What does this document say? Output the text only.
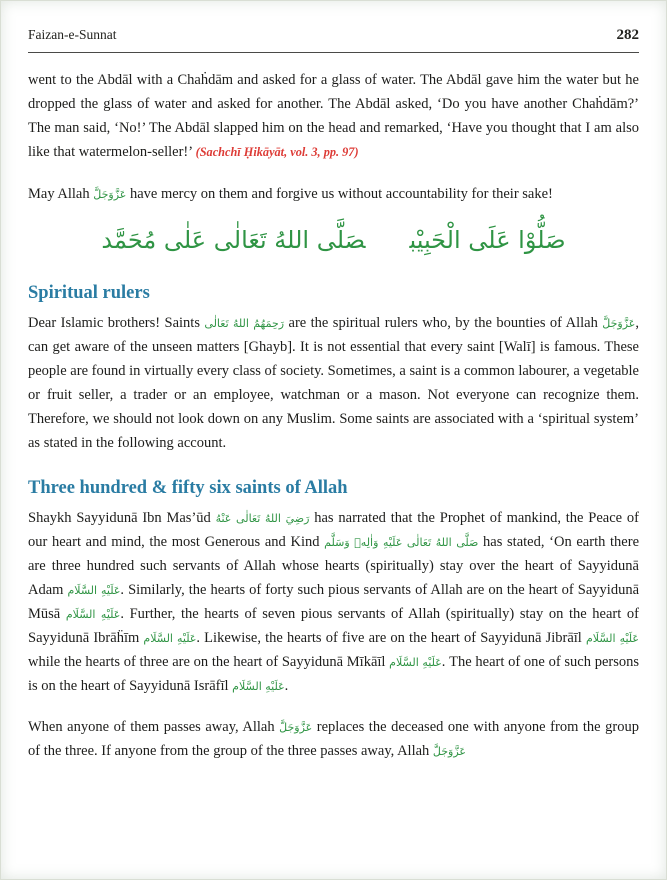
Faizan-e-Sunnat	282

went to the Abdāl with a Chaḣdām and asked for a glass of water. The Abdāl gave him the water but he dropped the glass of water and asked for another. The Abdāl asked, ‘Do you have another Chaḣdām?’ The man said, ‘No!’ The Abdāl slapped him on the head and remarked, ‘Have you thought that I am also like that watermelon-seller!’ (Sachchī Ḥikāyāt, vol. 3, pp. 97)

May Allah عَزَّوَجَلَّ have mercy on them and forgive us without accountability for their sake!

صَلُّوْا عَلَى الْحَبِيْبصَلَّى اللهُ تَعَالٰى عَلٰى مُحَمَّد
Spiritual rulers

Dear Islamic brothers! Saints رَحِمَهُمُ اللهُ تَعَالٰى are the spiritual rulers who, by the bounties of Allah عَزَّوَجَلَّ, can get aware of the unseen matters [Ghayb]. It is not essential that every saint [Walī] is famous. These people are found in virtually every class of society. Sometimes, a saint is a common labourer, a vegetable or fruit seller, a trader or an employee, watchman or a mason. Not everyone can recognize them. Therefore, we should not look down on any Muslim. Some saints are associated with a ‘spiritual system’ as stated in the following account.

Three hundred & fifty six saints of Allah

Shaykh Sayyidunā Ibn Mas’ūd رَضِيَ اللهُ تَعَالٰى عَنْهُ has narrated that the Prophet of mankind, the Peace of our heart and mind, the most Generous and Kind صَلَّى اللهُ تَعَالٰى عَلَيْهِ وَاٰلِهٖ وَسَلَّم has stated, ‘On earth there are three hundred such servants of Allah whose hearts (spiritually) stay over the heart of Sayyidunā Adam عَلَيْهِ السَّلَام. Similarly, the hearts of forty such pious servants of Allah are on the heart of Sayyidunā Mūsā عَلَيْهِ السَّلَام. Further, the hearts of seven pious servants of Allah (spiritually) stay on the heart of Sayyidunā Ibrāḧīm عَلَيْهِ السَّلَام. Likewise, the hearts of five are on the heart of Sayyidunā Jibrāīl عَلَيْهِ السَّلَام while the hearts of three are on the heart of Sayyidunā Mīkāīl عَلَيْهِ السَّلَام. The heart of one of such persons is on the heart of Sayyidunā Isrāfīl عَلَيْهِ السَّلَام.

When anyone of them passes away, Allah عَزَّوَجَلَّ replaces the deceased one with anyone from the group of the three. If anyone from the group of the three passes away, Allah عَزَّوَجَلَّ
